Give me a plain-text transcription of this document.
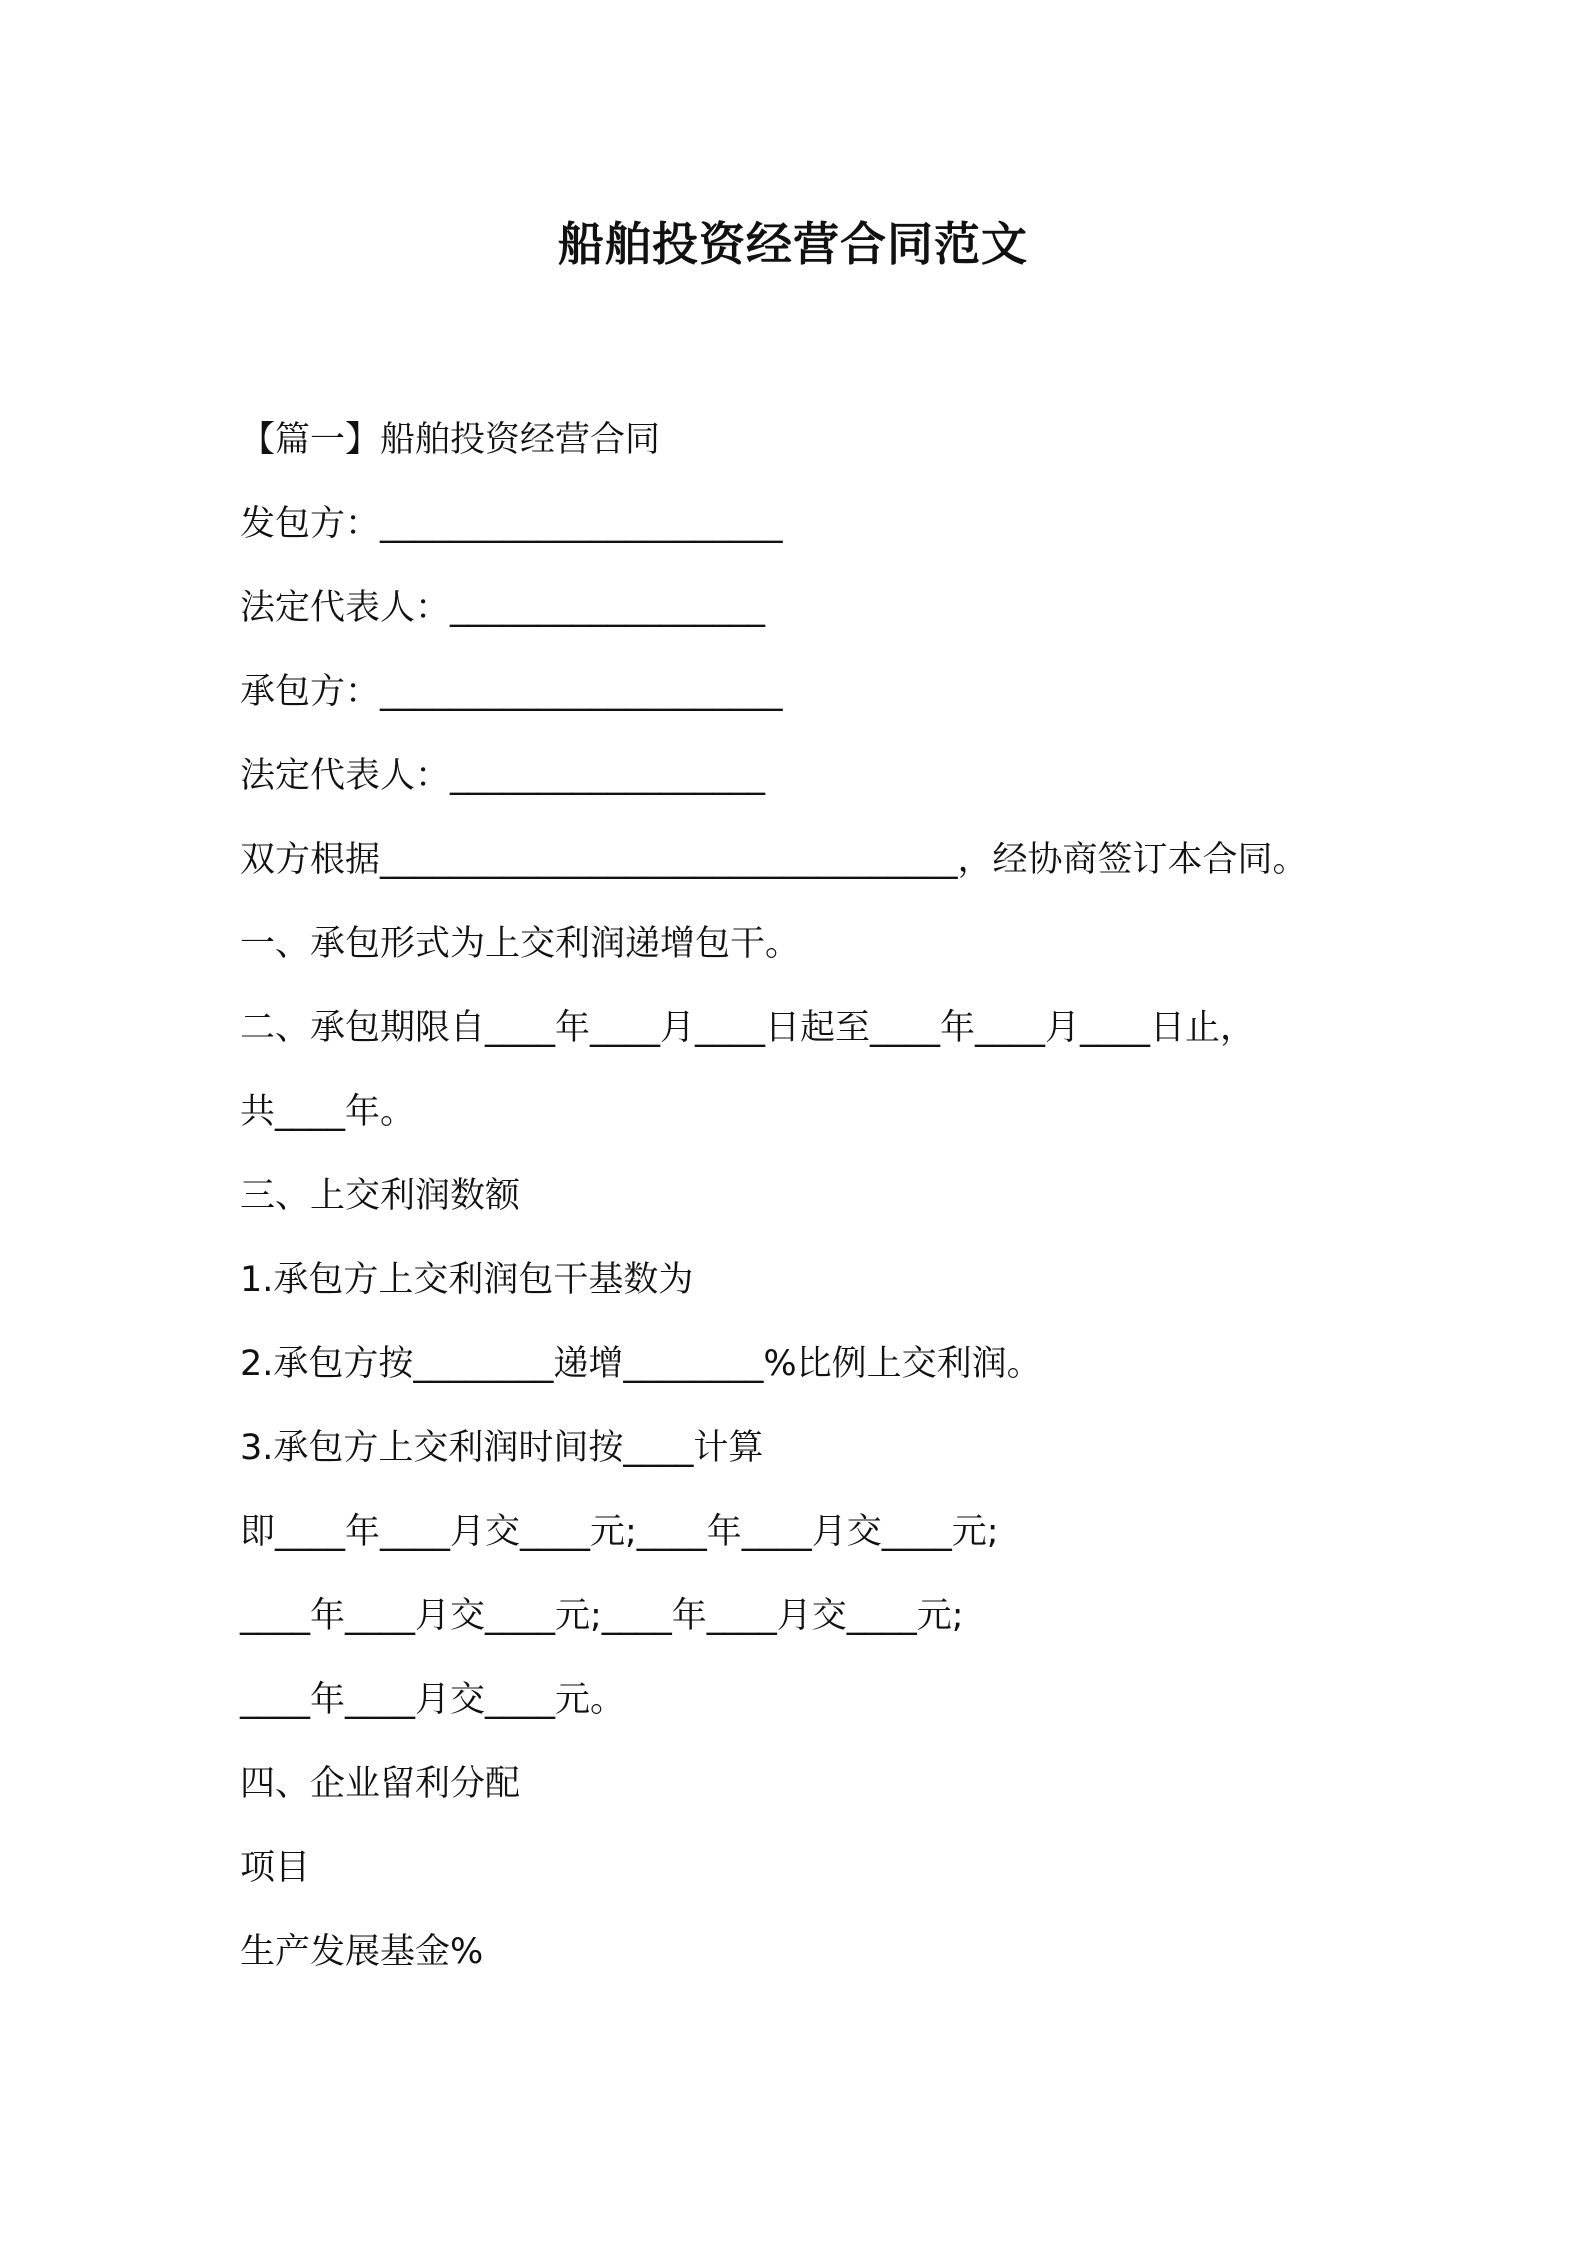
船舶投资经营合同范文
【篇一】船舶投资经营合同
发包方：_______________________
法定代表人：__________________
承包方：_______________________
法定代表人：__________________
双方根据_________________________________，经协商签订本合同。
一、承包形式为上交利润递增包干。
二、承包期限自____年____月____日起至____年____月____日止，
共____年。
三、上交利润数额
1.承包方上交利润包干基数为
2.承包方按________递增________%比例上交利润。
3.承包方上交利润时间按____计算
即____年____月交____元;____年____月交____元;
____年____月交____元;____年____月交____元;
____年____月交____元。
四、企业留利分配
项目
生产发展基金%
